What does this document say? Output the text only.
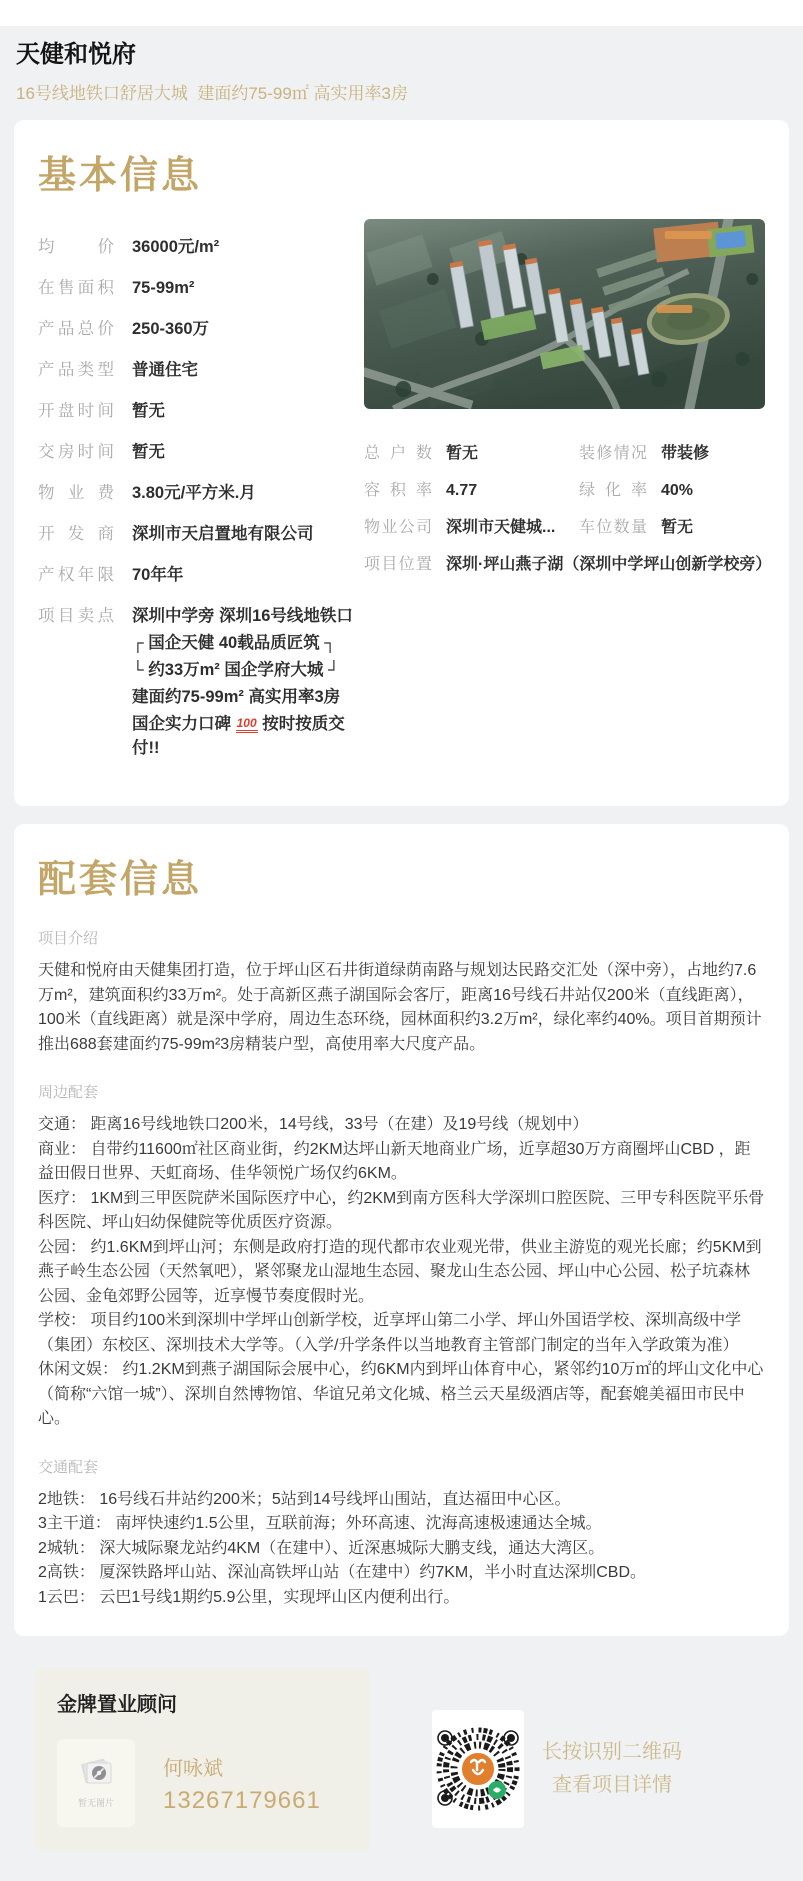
天健和悦府
16号线地铁口舒居大城  建面约75-99㎡ 高实用率3房
基本信息
均价 36000元/m²
在售面积 75-99m²
产品总价 250-360万
产品类型 普通住宅
开盘时间 暂无
交房时间 暂无
物业费 3.80元/平方米.月
开发商 深圳市天启置地有限公司
产权年限 70年年
项目卖点 深圳中学旁 深圳16号线地铁口
┌ 国企天健 40载品质匠筑 ┐
└ 约33万m² 国企学府大城 ┘
建面约75-99m² 高实用率3房
国企实力口碑 100 按时按质交付!!
总户数 暂无	装修情况 带装修
容积率 4.77	绿化率 40%
物业公司 深圳市天健城... 车位数量 暂无
项目位置 深圳·坪山燕子湖（深圳中学坪山创新学校旁）
配套信息
项目介绍

天健和悦府由天健集团打造，位于坪山区石井街道绿荫南路与规划达民路交汇处（深中旁），占地约7.6万m²，建筑面积约33万m²。处于高新区燕子湖国际会客厅，距离16号线石井站仅200米（直线距离），100米（直线距离）就是深中学府，周边生态环绕，园林面积约3.2万m²，绿化率约40%。项目首期预计推出688套建面约75-99m²3房精装户型，高使用率大尺度产品。

周边配套

交通： 距离16号线地铁口200米，14号线，33号（在建）及19号线（规划中）

商业： 自带约11600㎡社区商业街，约2KM达坪山新天地商业广场，近享超30万方商圈坪山CBD ，距益田假日世界、天虹商场、佳华领悦广场仅约6KM。

医疗： 1KM到三甲医院萨米国际医疗中心，约2KM到南方医科大学深圳口腔医院、三甲专科医院平乐骨科医院、坪山妇幼保健院等优质医疗资源。

公园： 约1.6KM到坪山河；东侧是政府打造的现代都市农业观光带，供业主游览的观光长廊；约5KM到燕子岭生态公园（天然氧吧），紧邻聚龙山湿地生态园、聚龙山生态公园、坪山中心公园、松子坑森林公园、金龟郊野公园等，近享慢节奏度假时光。

学校： 项目约100米到深圳中学坪山创新学校，近享坪山第二小学、坪山外国语学校、深圳高级中学（集团）东校区、深圳技术大学等。（入学/升学条件以当地教育主管部门制定的当年入学政策为准）

休闲文娱： 约1.2KM到燕子湖国际会展中心，约6KM内到坪山体育中心，紧邻约10万㎡的坪山文化中心（简称“六馆一城”）、深圳自然博物馆、华谊兄弟文化城、格兰云天星级酒店等，配套媲美福田市民中心。

交通配套

2地铁： 16号线石井站约200米；5站到14号线坪山围站，直达福田中心区。

3主干道： 南坪快速约1.5公里，互联前海；外环高速、沈海高速极速通达全城。

2城轨： 深大城际聚龙站约4KM（在建中）、近深惠城际大鹏支线，通达大湾区。

2高铁： 厦深铁路坪山站、深汕高铁坪山站（在建中）约7KM，半小时直达深圳CBD。

1云巴： 云巴1号线1期约5.9公里，实现坪山区内便利出行。

金牌置业顾问
暂无图片
何咏斌
13267179661
长按识别二维码
查看项目详情
